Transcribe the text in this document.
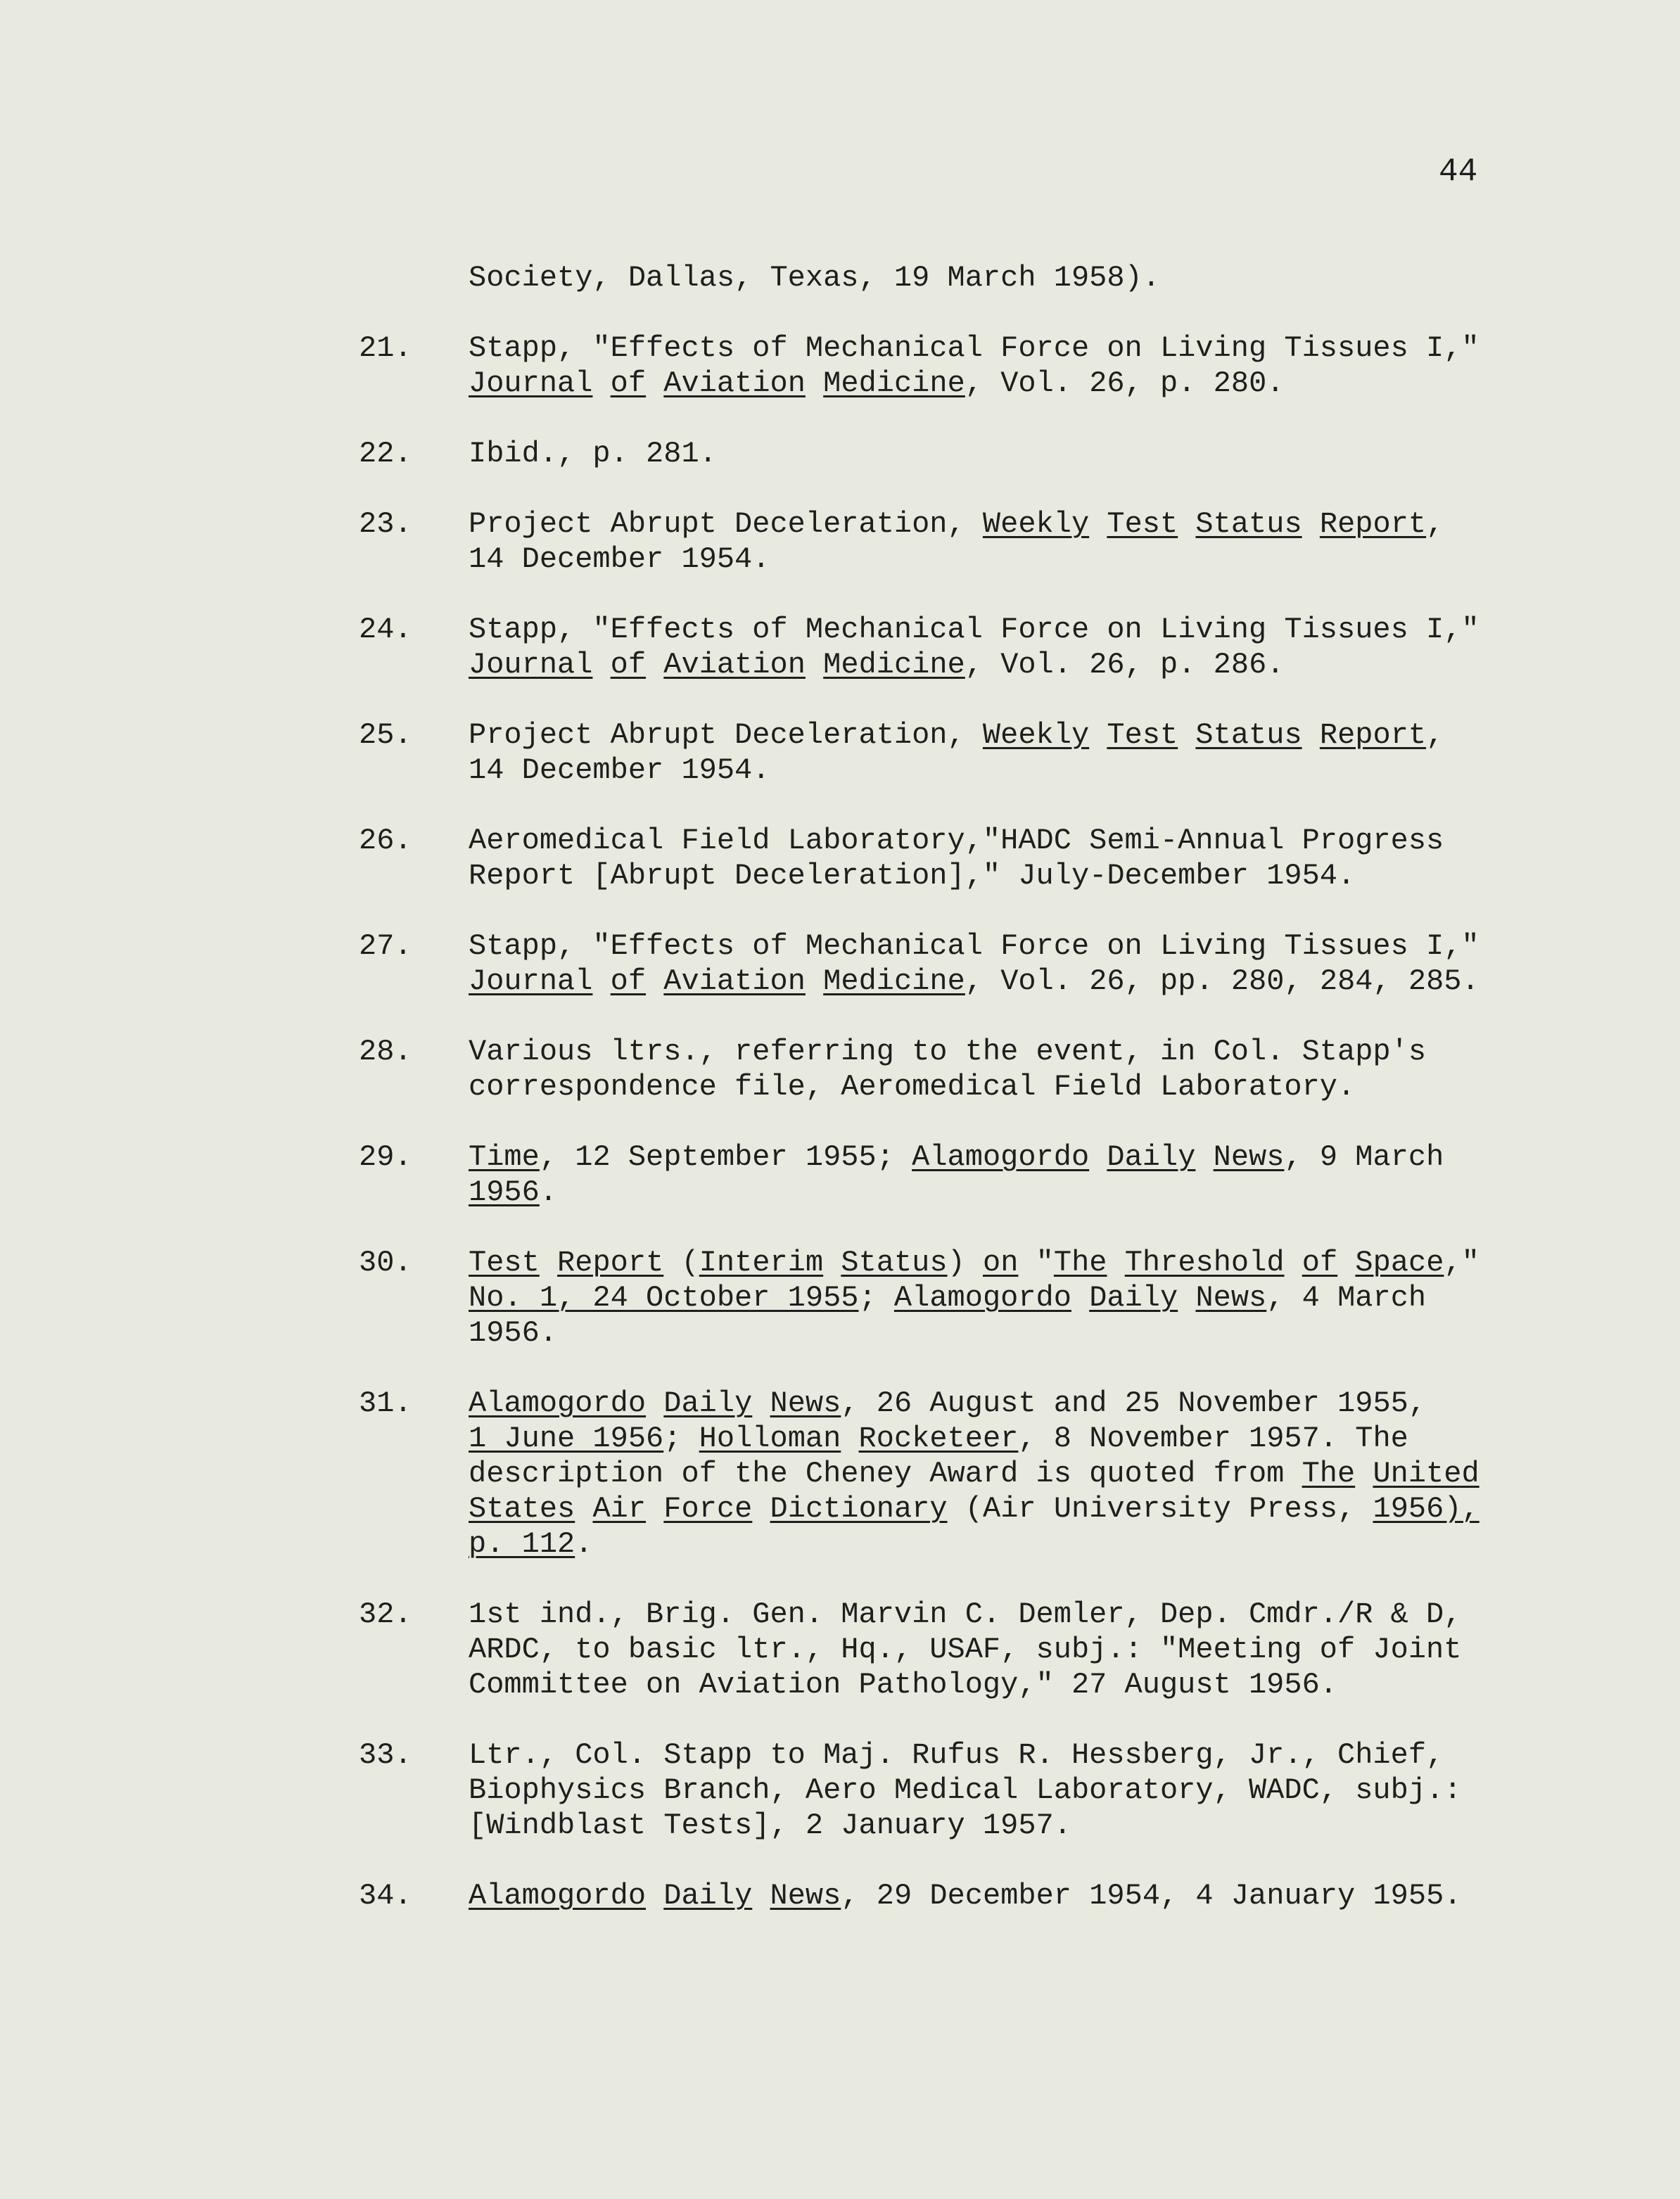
44
Society, Dallas, Texas, 19 March 1958).
21.	Stapp, "Effects of Mechanical Force on Living Tissues I,"
Journal of Aviation Medicine, Vol. 26, p. 280.
22.	Ibid., p. 281.
23.	Project Abrupt Deceleration, Weekly Test Status Report,
14 December 1954.
24.	Stapp, "Effects of Mechanical Force on Living Tissues I,"
Journal of Aviation Medicine, Vol. 26, p. 286.
25.	Project Abrupt Deceleration, Weekly Test Status Report,
14 December 1954.
26.	Aeromedical Field Laboratory,"HADC Semi-Annual Progress
Report [Abrupt Deceleration]," July-December 1954.
27.	Stapp, "Effects of Mechanical Force on Living Tissues I,"
Journal of Aviation Medicine, Vol. 26, pp. 280, 284, 285.
28.	Various ltrs., referring to the event, in Col. Stapp's
correspondence file, Aeromedical Field Laboratory.
29.	Time, 12 September 1955; Alamogordo Daily News, 9 March
1956.
30.	Test Report (Interim Status) on "The Threshold of Space,"
No. 1, 24 October 1955; Alamogordo Daily News, 4 March
1956.
31.	Alamogordo Daily News, 26 August and 25 November 1955,
1 June 1956; Holloman Rocketeer, 8 November 1957. The
description of the Cheney Award is quoted from The United
States Air Force Dictionary (Air University Press, 1956),
p. 112.
32.	1st ind., Brig. Gen. Marvin C. Demler, Dep. Cmdr./R & D,
ARDC, to basic ltr., Hq., USAF, subj.: "Meeting of Joint
Committee on Aviation Pathology," 27 August 1956.
33.	Ltr., Col. Stapp to Maj. Rufus R. Hessberg, Jr., Chief,
Biophysics Branch, Aero Medical Laboratory, WADC, subj.:
[Windblast Tests], 2 January 1957.
34.	Alamogordo Daily News, 29 December 1954, 4 January 1955.
